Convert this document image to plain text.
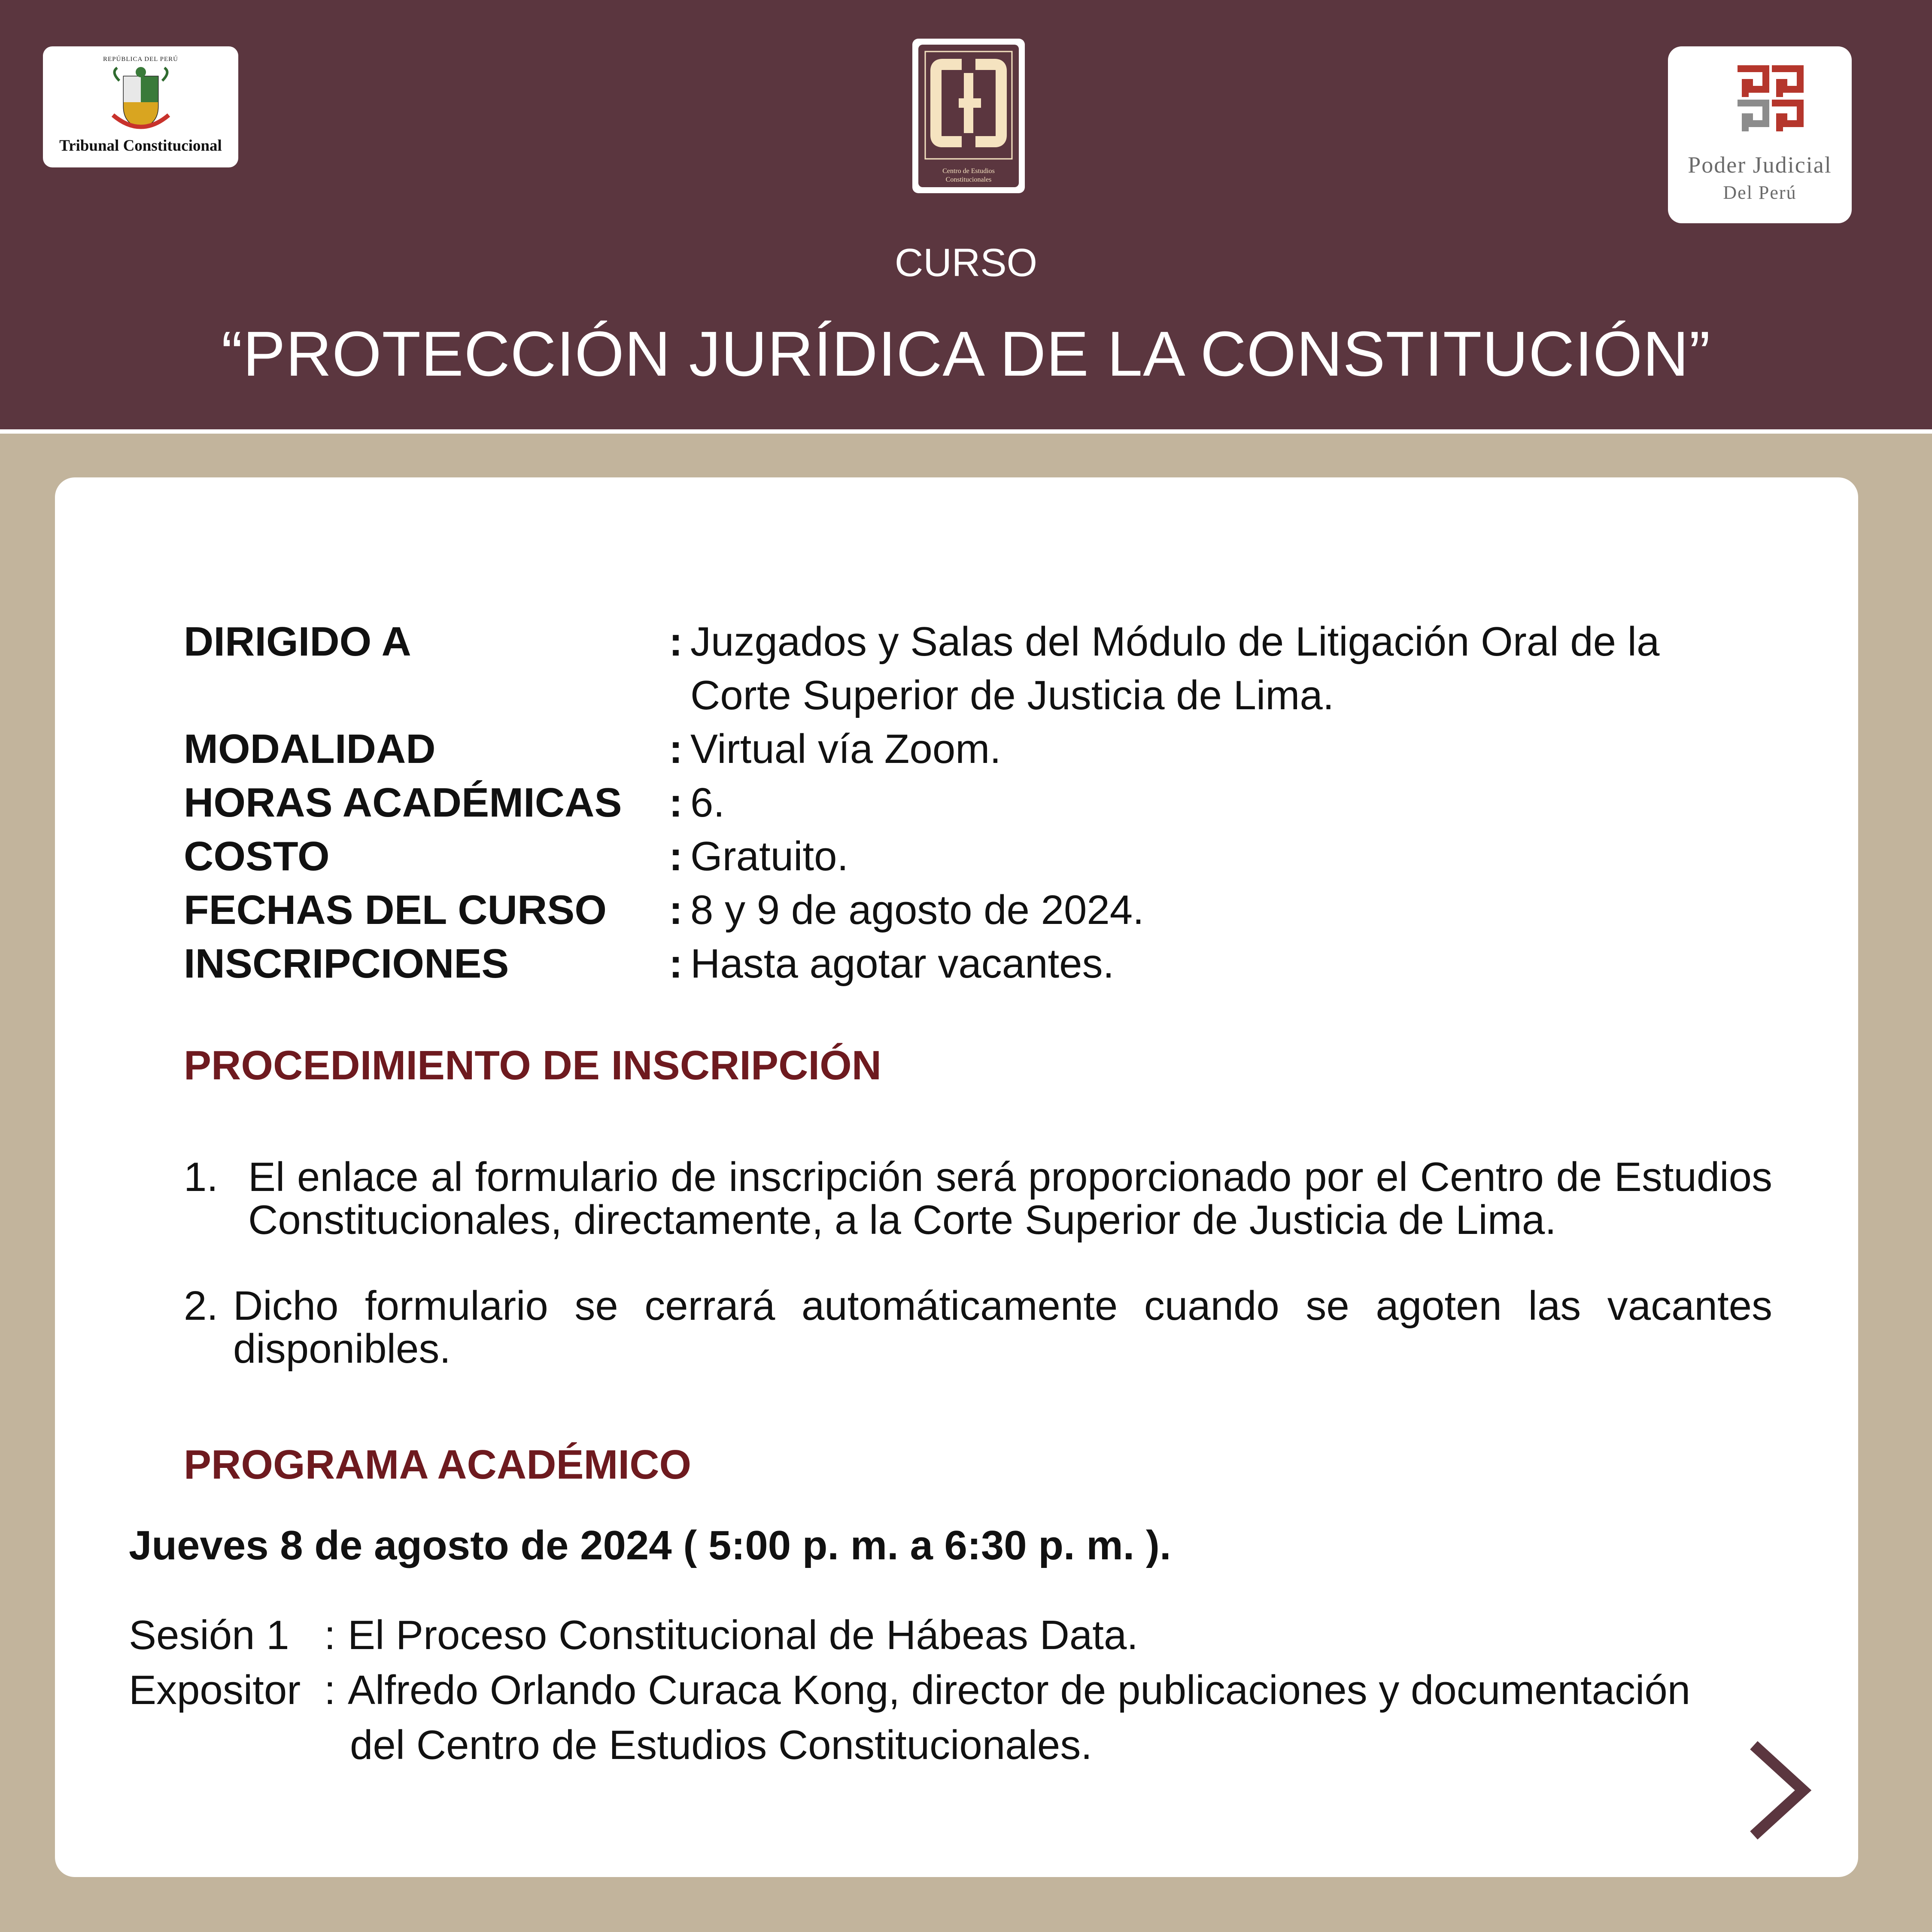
REPÚBLICA DEL PERÚ
Tribunal Constitucional
Centro de Estudios
Constitucionales
Poder Judicial
Del Perú
CURSO
“PROTECCIÓN JURÍDICA DE LA CONSTITUCIÓN”
DIRIGIDO A	: Juzgados y Salas del Módulo de Litigación Oral de la
Corte Superior de Justicia de Lima.
MODALIDAD	: Virtual vía Zoom.
HORAS ACADÉMICAS : 6.
COSTO	: Gratuito.
FECHAS DEL CURSO : 8 y 9 de agosto de 2024.
INSCRIPCIONES	: Hasta agotar vacantes.
PROCEDIMIENTO DE INSCRIPCIÓN
1. El enlace al formulario de inscripción será proporcionado por el Centro de Estudios Constitucionales, directamente, a la Corte Superior de Justicia de Lima.
2. Dicho formulario se cerrará automáticamente cuando se agoten las vacantes disponibles.
PROGRAMA ACADÉMICO
Jueves 8 de agosto de 2024 ( 5:00 p. m. a 6:30 p. m. ).
Sesión 1 : El Proceso Constitucional de Hábeas Data.
Expositor : Alfredo Orlando Curaca Kong, director de publicaciones y documentación
del Centro de Estudios Constitucionales.
